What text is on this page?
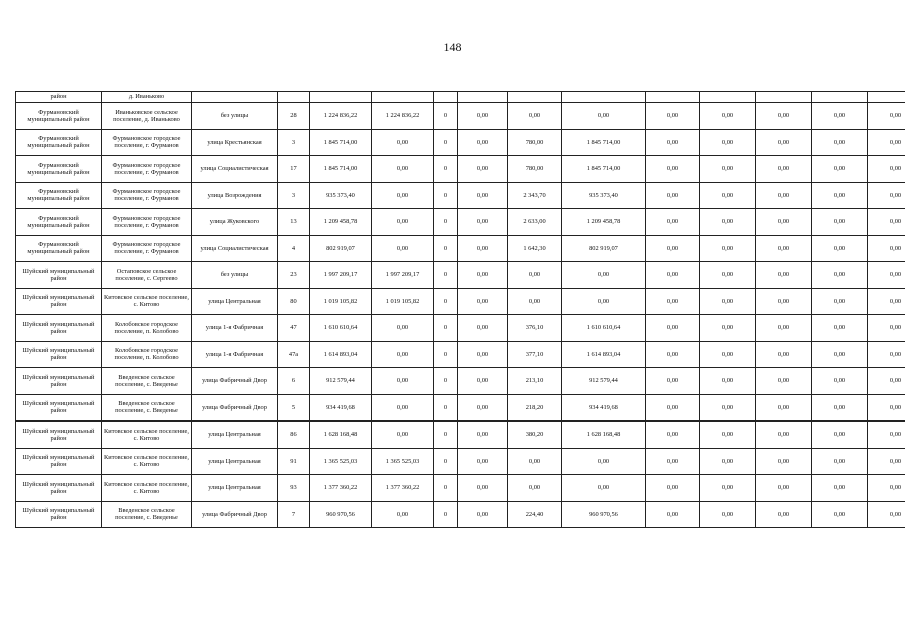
148
район	д. Иваньково													
Фурмановский муниципальный район	Иваньковское сельское поселение, д. Иваньково	без улицы	28	1 224 836,22	1 224 836,22	0	0,00	0,00	0,00	0,00	0,00	0,00	0,00	0,00
Фурмановский муниципальный район	Фурмановское городское поселение, г. Фурманов	улица Крестьянская	3	1 845 714,00	0,00	0	0,00	780,00	1 845 714,00	0,00	0,00	0,00	0,00	0,00
Фурмановский муниципальный район	Фурмановское городское поселение, г. Фурманов	улица Социалистическая	17	1 845 714,00	0,00	0	0,00	780,00	1 845 714,00	0,00	0,00	0,00	0,00	0,00
Фурмановский муниципальный район	Фурмановское городское поселение, г. Фурманов	улица Возрождения	3	935 373,40	0,00	0	0,00	2 343,70	935 373,40	0,00	0,00	0,00	0,00	0,00
Фурмановский муниципальный район	Фурмановское городское поселение, г. Фурманов	улица Жуковского	13	1 209 458,78	0,00	0	0,00	2 633,00	1 209 458,78	0,00	0,00	0,00	0,00	0,00
Фурмановский муниципальный район	Фурмановское городское поселение, г. Фурманов	улица Социалистическая	4	802 919,07	0,00	0	0,00	1 642,30	802 919,07	0,00	0,00	0,00	0,00	0,00
Шуйский муниципальный район	Остаповское сельское поселение, с. Сергеево	без улицы	23	1 997 209,17	1 997 209,17	0	0,00	0,00	0,00	0,00	0,00	0,00	0,00	0,00
Шуйский муниципальный район	Китовское сельское поселение, с. Китово	улица Центральная	80	1 019 105,82	1 019 105,82	0	0,00	0,00	0,00	0,00	0,00	0,00	0,00	0,00
Шуйский муниципальный район	Колобовское городское поселение, п. Колобово	улица 1-я Фабричная	47	1 610 610,64	0,00	0	0,00	376,10	1 610 610,64	0,00	0,00	0,00	0,00	0,00
Шуйский муниципальный район	Колобовское городское поселение, п. Колобово	улица 1-я Фабричная	47а	1 614 893,04	0,00	0	0,00	377,10	1 614 893,04	0,00	0,00	0,00	0,00	0,00
Шуйский муниципальный район	Введенское сельское поселение, с. Введенье	улица Фабричный Двор	6	912 579,44	0,00	0	0,00	213,10	912 579,44	0,00	0,00	0,00	0,00	0,00
Шуйский муниципальный район	Введенское сельское поселение, с. Введенье	улица Фабричный Двор	5	934 419,68	0,00	0	0,00	218,20	934 419,68	0,00	0,00	0,00	0,00	0,00
Шуйский муниципальный район	Китовское сельское поселение, с. Китово	улица Центральная	86	1 628 168,48	0,00	0	0,00	380,20	1 628 168,48	0,00	0,00	0,00	0,00	0,00
Шуйский муниципальный район	Китовское сельское поселение, с. Китово	улица Центральная	91	1 365 525,03	1 365 525,03	0	0,00	0,00	0,00	0,00	0,00	0,00	0,00	0,00
Шуйский муниципальный район	Китовское сельское поселение, с. Китово	улица Центральная	93	1 377 360,22	1 377 360,22	0	0,00	0,00	0,00	0,00	0,00	0,00	0,00	0,00
Шуйский муниципальный район	Введенское сельское поселение, с. Введенье	улица Фабричный Двор	7	960 970,56	0,00	0	0,00	224,40	960 970,56	0,00	0,00	0,00	0,00	0,00
